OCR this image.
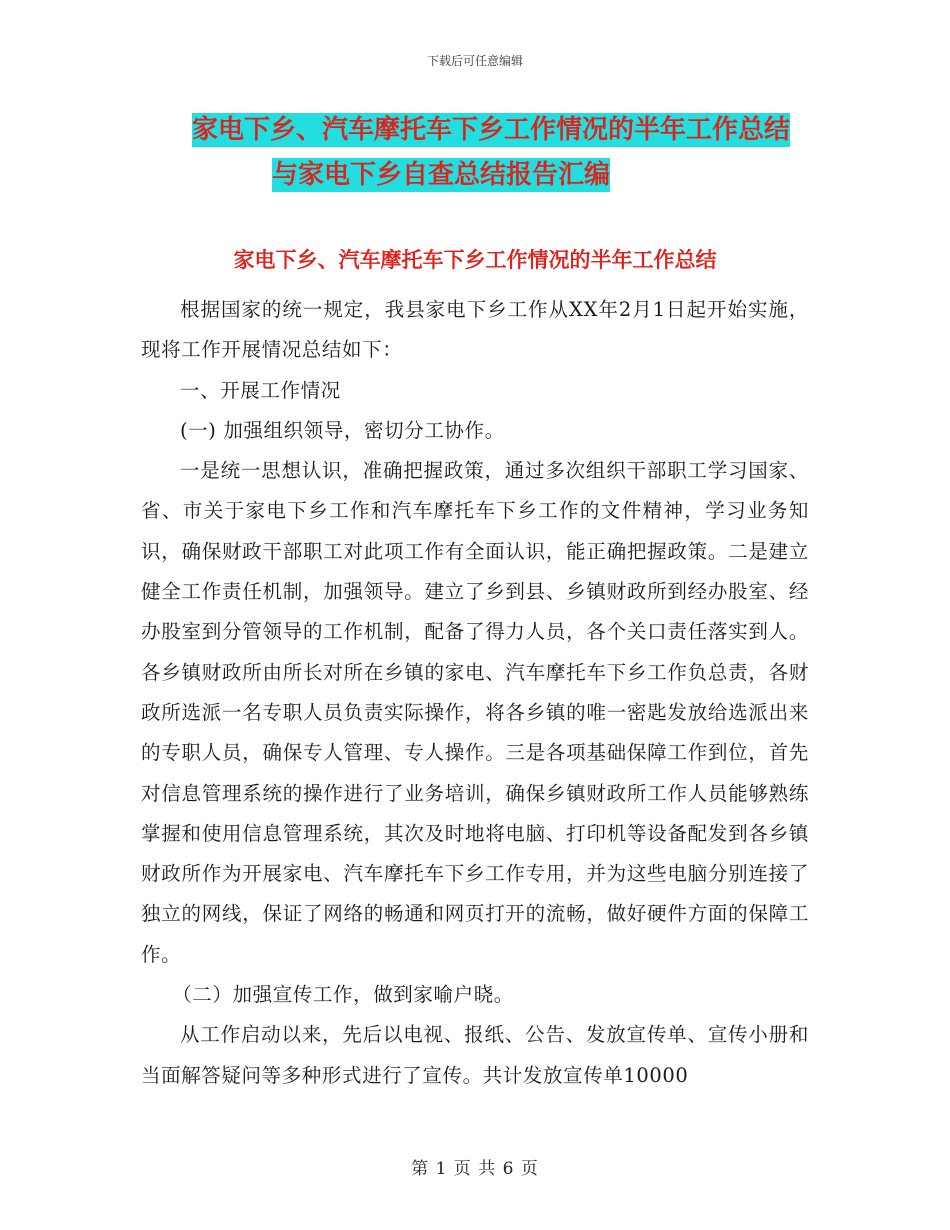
下载后可任意编辑
家电下乡、汽车摩托车下乡工作情况的半年工作总结
与家电下乡自查总结报告汇编
家电下乡、汽车摩托车下乡工作情况的半年工作总结

根据国家的统一规定，我县家电下乡工作从XX年2月1日起开始实施，现将工作开展情况总结如下：

一、开展工作情况

(一) 加强组织领导，密切分工协作。

一是统一思想认识，准确把握政策，通过多次组织干部职工学习国家、省、市关于家电下乡工作和汽车摩托车下乡工作的文件精神，学习业务知识，确保财政干部职工对此项工作有全面认识，能正确把握政策。二是建立健全工作责任机制，加强领导。建立了乡到县、乡镇财政所到经办股室、经办股室到分管领导的工作机制，配备了得力人员，各个关口责任落实到人。各乡镇财政所由所长对所在乡镇的家电、汽车摩托车下乡工作负总责，各财政所选派一名专职人员负责实际操作，将各乡镇的唯一密匙发放给选派出来的专职人员，确保专人管理、专人操作。三是各项基础保障工作到位，首先对信息管理系统的操作进行了业务培训，确保乡镇财政所工作人员能够熟练掌握和使用信息管理系统，其次及时地将电脑、打印机等设备配发到各乡镇财政所作为开展家电、汽车摩托车下乡工作专用，并为这些电脑分别连接了独立的网线，保证了网络的畅通和网页打开的流畅，做好硬件方面的保障工作。

（二）加强宣传工作，做到家喻户晓。

从工作启动以来，先后以电视、报纸、公告、发放宣传单、宣传小册和当面解答疑问等多种形式进行了宣传。共计发放宣传单10000

第 1 页 共 6 页
